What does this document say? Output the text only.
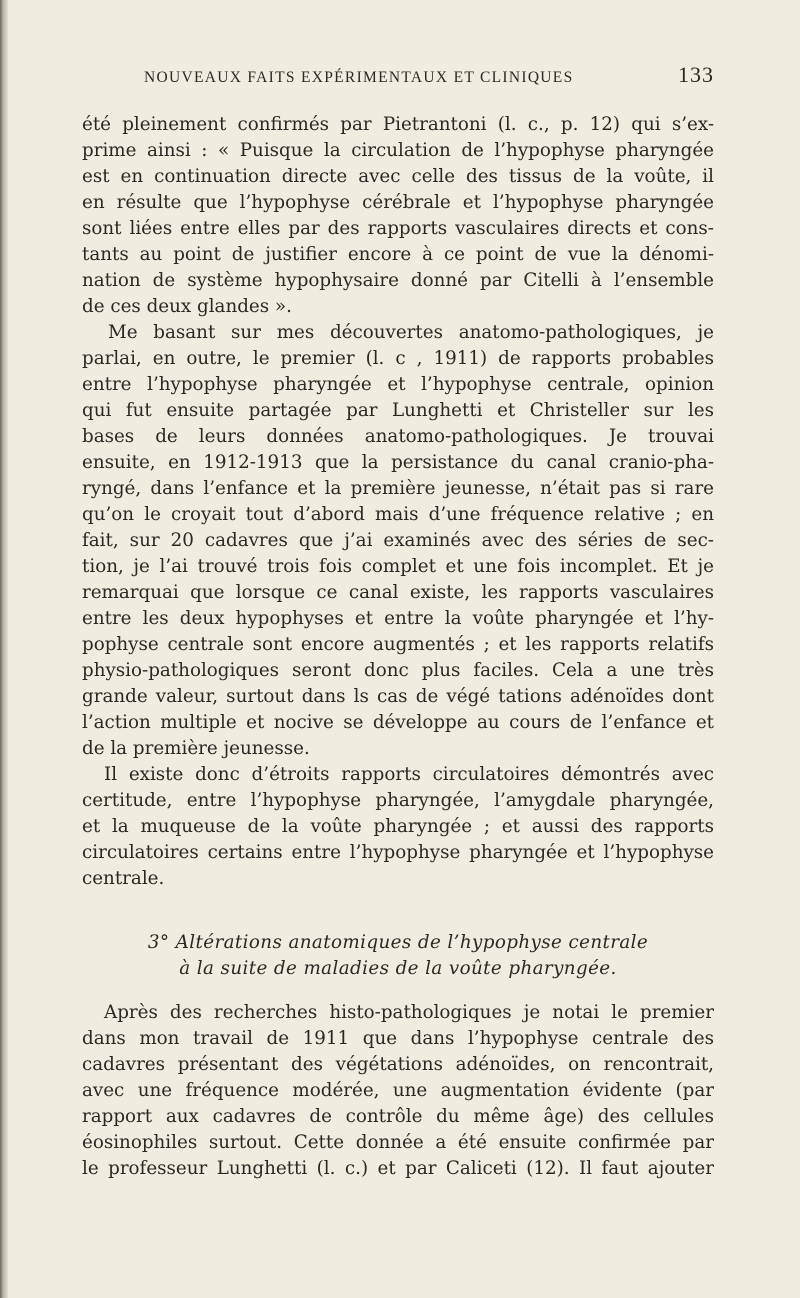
NOUVEAUX FAITS EXPÉRIMENTAUX ET CLINIQUES	133
été pleinement confirmés par Pietrantoni (l. c., p. 12) qui s’ex-
prime ainsi : « Puisque la circulation de l’hypophyse pharyngée
est en continuation directe avec celle des tissus de la voûte, il
en résulte que l’hypophyse cérébrale et l’hypophyse pharyngée
sont liées entre elles par des rapports vasculaires directs et cons-
tants au point de justifier encore à ce point de vue la dénomi-
nation de système hypophysaire donné par Citelli à l’ensemble
de ces deux glandes ».
Me basant sur mes découvertes anatomo-pathologiques, je
parlai, en outre, le premier (l. c , 1911) de rapports probables
entre l’hypophyse pharyngée et l’hypophyse centrale, opinion
qui fut ensuite partagée par Lunghetti et Christeller sur les
bases de leurs données anatomo-pathologiques. Je trouvai
ensuite, en 1912-1913 que la persistance du canal cranio-pha-
ryngé, dans l’enfance et la première jeunesse, n’était pas si rare
qu’on le croyait tout d’abord mais d’une fréquence relative ; en
fait, sur 20 cadavres que j’ai examinés avec des séries de sec-
tion, je l’ai trouvé trois fois complet et une fois incomplet. Et je
remarquai que lorsque ce canal existe, les rapports vasculaires
entre les deux hypophyses et entre la voûte pharyngée et l’hy-
pophyse centrale sont encore augmentés ; et les rapports relatifs
physio-pathologiques seront donc plus faciles. Cela a une très
grande valeur, surtout dans ls cas de végé tations adénoïdes dont
l’action multiple et nocive se développe au cours de l’enfance et
de la première jeunesse.
Il existe donc d’étroits rapports circulatoires démontrés avec
certitude, entre l’hypophyse pharyngée, l’amygdale pharyngée,
et la muqueuse de la voûte pharyngée ; et aussi des rapports
circulatoires certains entre l’hypophyse pharyngée et l’hypophyse
centrale.
3° Altérations anatomiques de l’hypophyse centrale
à la suite de maladies de la voûte pharyngée.
Après des recherches histo-pathologiques je notai le premier
dans mon travail de 1911 que dans l’hypophyse centrale des
cadavres présentant des végétations adénoïdes, on rencontrait,
avec une fréquence modérée, une augmentation évidente (par
rapport aux cadavres de contrôle du même âge) des cellules
éosinophiles surtout. Cette donnée a été ensuite confirmée par
le professeur Lunghetti (l. c.) et par Caliceti (12). Il faut ajouter
